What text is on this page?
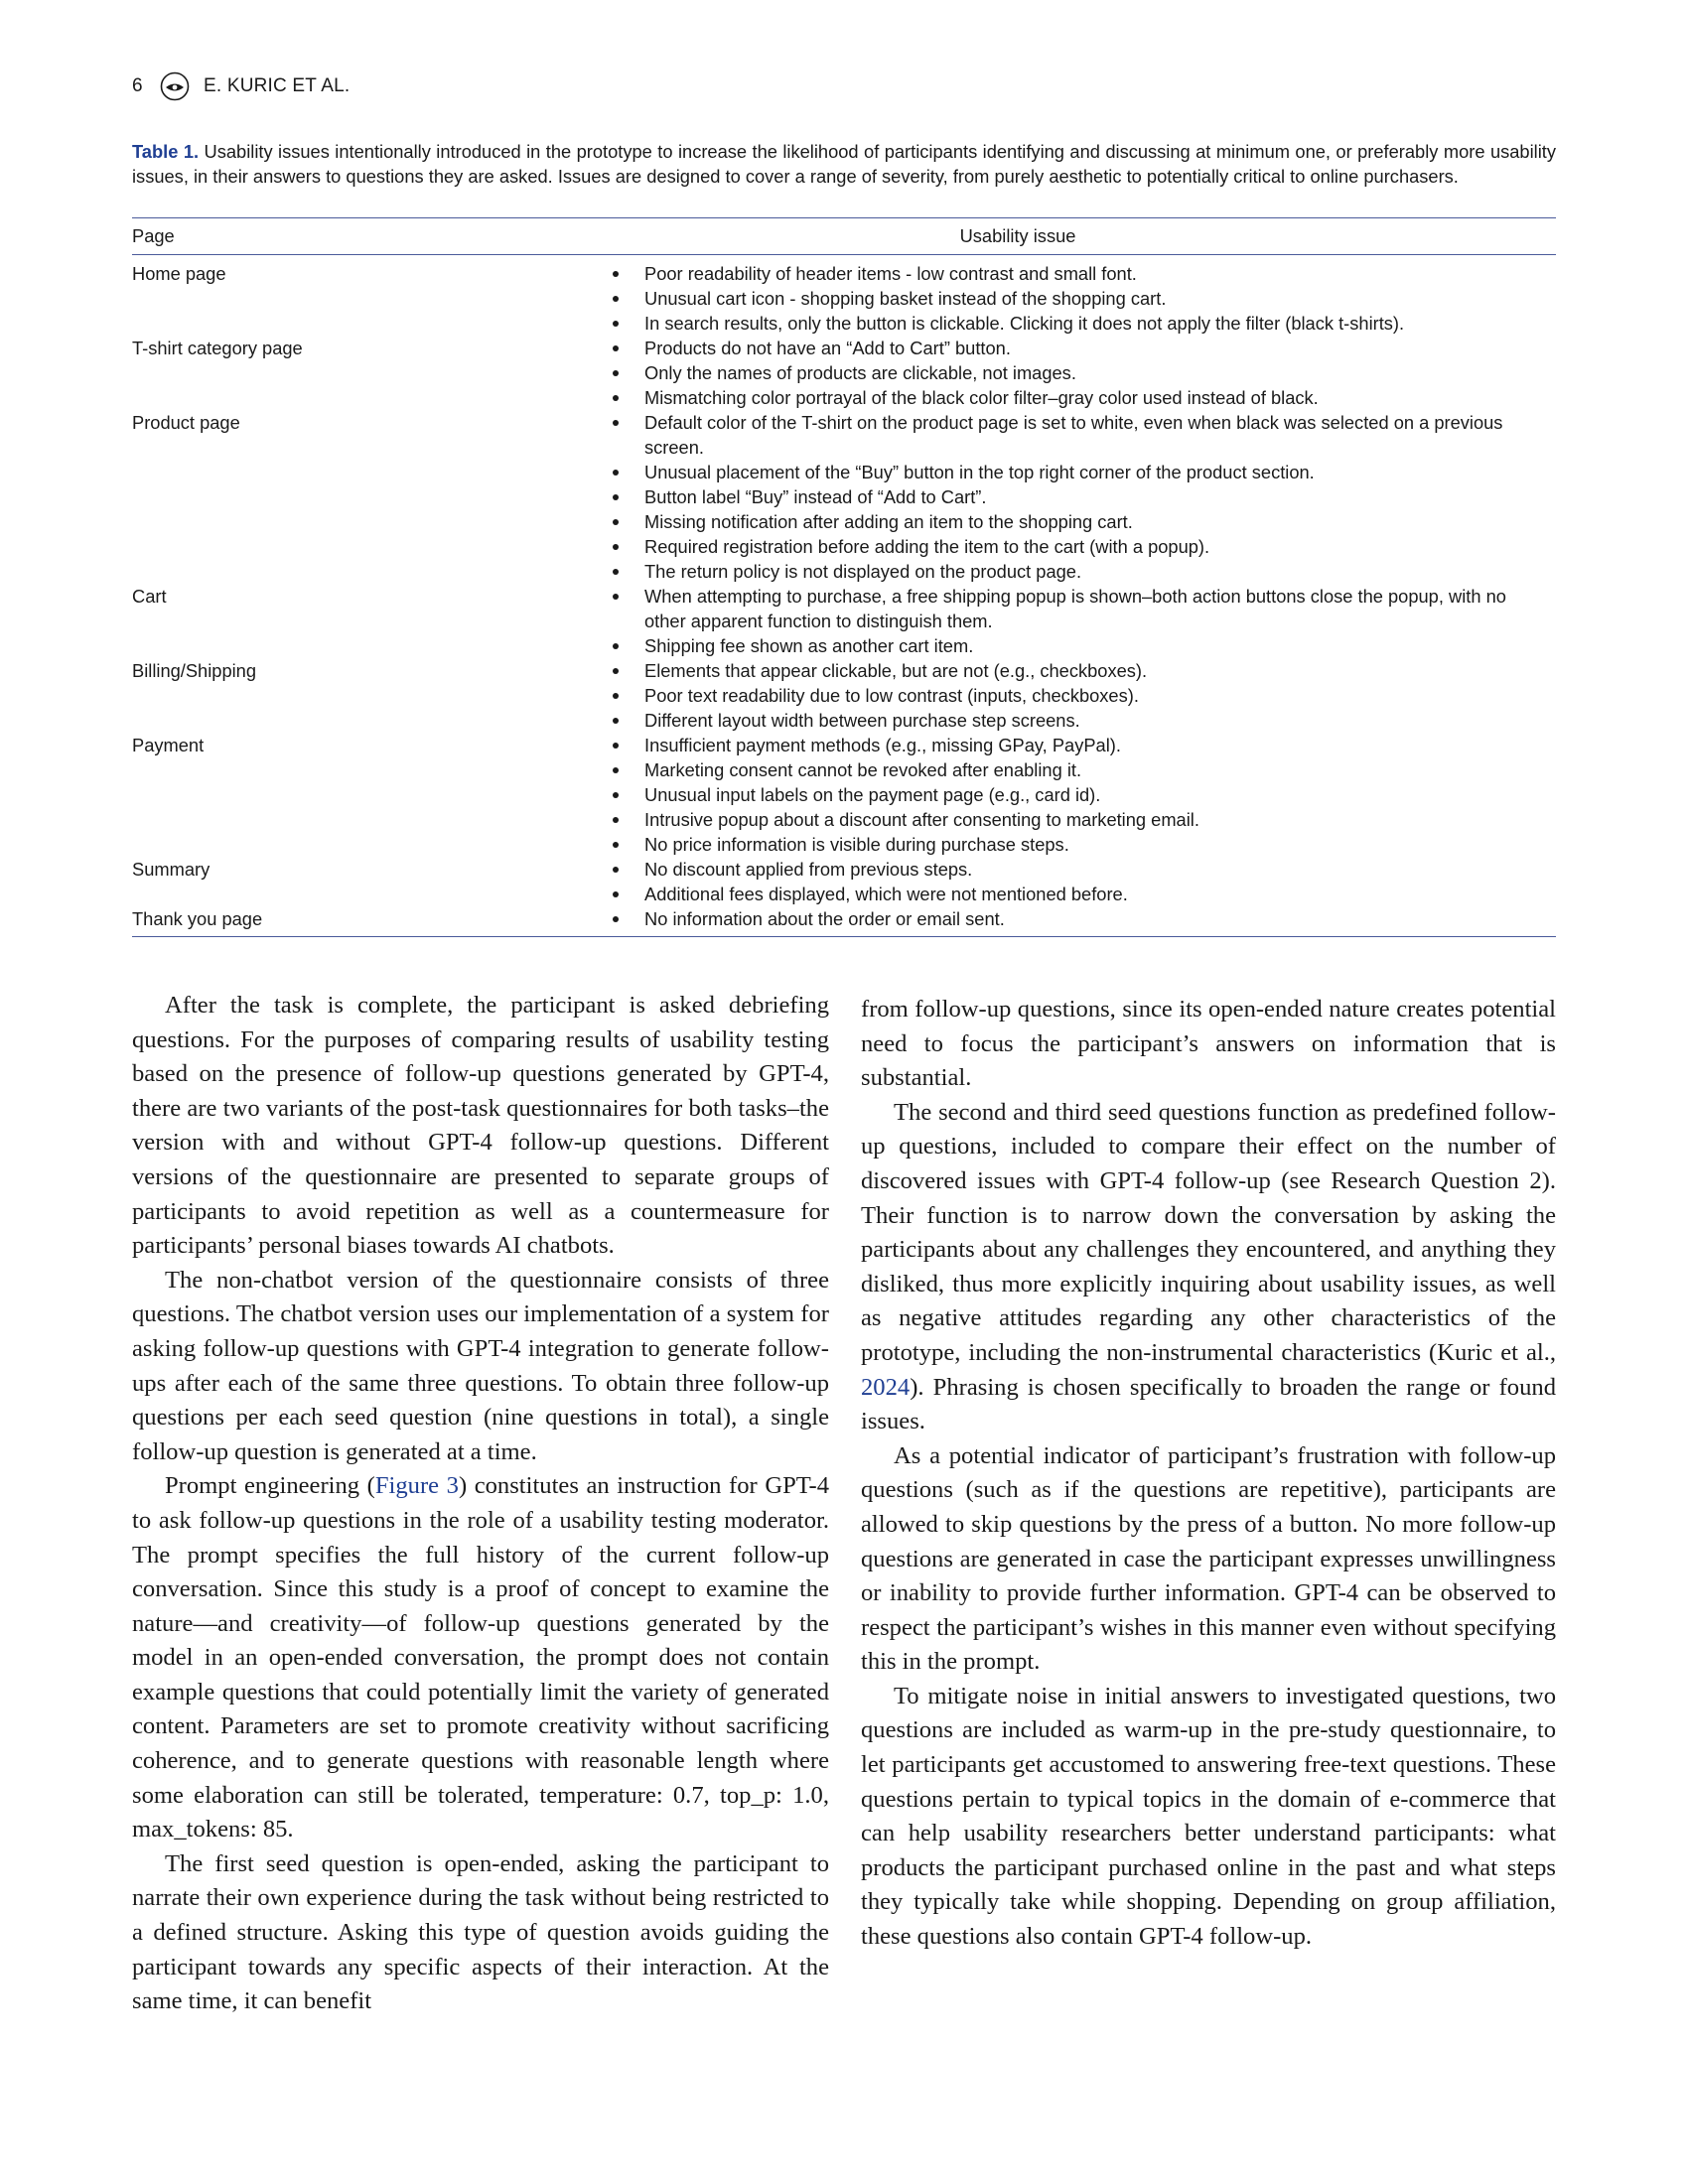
6	E. KURIC ET AL.
Table 1. Usability issues intentionally introduced in the prototype to increase the likelihood of participants identifying and discussing at minimum one, or preferably more usability issues, in their answers to questions they are asked. Issues are designed to cover a range of severity, from purely aesthetic to potentially critical to online purchasers.
Page	Usability issue
Home page	Poor readability of header items - low contrast and small font.
Unusual cart icon - shopping basket instead of the shopping cart.
In search results, only the button is clickable. Clicking it does not apply the filter (black t-shirts).
T-shirt category page	Products do not have an “Add to Cart” button.
Only the names of products are clickable, not images.
Mismatching color portrayal of the black color filter–gray color used instead of black.
Product page	Default color of the T-shirt on the product page is set to white, even when black was selected on a previous screen.
Unusual placement of the “Buy” button in the top right corner of the product section.
Button label “Buy” instead of “Add to Cart”.
Missing notification after adding an item to the shopping cart.
Required registration before adding the item to the cart (with a popup).
The return policy is not displayed on the product page.
Cart	When attempting to purchase, a free shipping popup is shown–both action buttons close the popup, with no other apparent function to distinguish them.
Shipping fee shown as another cart item.
Billing/Shipping	Elements that appear clickable, but are not (e.g., checkboxes).
Poor text readability due to low contrast (inputs, checkboxes).
Different layout width between purchase step screens.
Payment	Insufficient payment methods (e.g., missing GPay, PayPal).
Marketing consent cannot be revoked after enabling it.
Unusual input labels on the payment page (e.g., card id).
Intrusive popup about a discount after consenting to marketing email.
No price information is visible during purchase steps.
Summary	No discount applied from previous steps.
Additional fees displayed, which were not mentioned before.
Thank you page	No information about the order or email sent.

After the task is complete, the participant is asked debriefing questions. For the purposes of comparing results of usability testing based on the presence of follow-up questions generated by GPT-4, there are two variants of the post-task questionnaires for both tasks–the version with and without GPT-4 follow-up questions. Different versions of the questionnaire are presented to separate groups of participants to avoid repetition as well as a countermeasure for participants’ personal biases towards AI chatbots.

The non-chatbot version of the questionnaire consists of three questions. The chatbot version uses our implementation of a system for asking follow-up questions with GPT-4 integration to generate follow-ups after each of the same three questions. To obtain three follow-up questions per each seed question (nine questions in total), a single follow-up question is generated at a time.

Prompt engineering (Figure 3) constitutes an instruction for GPT-4 to ask follow-up questions in the role of a usability testing moderator. The prompt specifies the full history of the current follow-up conversation. Since this study is a proof of concept to examine the nature—and creativity—of follow-up questions generated by the model in an open-ended conversation, the prompt does not contain example questions that could potentially limit the variety of generated content. Parameters are set to promote creativity without sacrificing coherence, and to generate questions with reasonable length where some elaboration can still be tolerated, temperature: 0.7, top_p: 1.0, max_tokens: 85.

The first seed question is open-ended, asking the participant to narrate their own experience during the task without being restricted to a defined structure. Asking this type of question avoids guiding the participant towards any specific aspects of their interaction. At the same time, it can benefit

from follow-up questions, since its open-ended nature creates potential need to focus the participant’s answers on information that is substantial.

The second and third seed questions function as predefined follow-up questions, included to compare their effect on the number of discovered issues with GPT-4 follow-up (see Research Question 2). Their function is to narrow down the conversation by asking the participants about any challenges they encountered, and anything they disliked, thus more explicitly inquiring about usability issues, as well as negative attitudes regarding any other characteristics of the prototype, including the non-instrumental characteristics (Kuric et al., 2024). Phrasing is chosen specifically to broaden the range or found issues.

As a potential indicator of participant’s frustration with follow-up questions (such as if the questions are repetitive), participants are allowed to skip questions by the press of a button. No more follow-up questions are generated in case the participant expresses unwillingness or inability to provide further information. GPT-4 can be observed to respect the participant’s wishes in this manner even without specifying this in the prompt.

To mitigate noise in initial answers to investigated questions, two questions are included as warm-up in the pre-study questionnaire, to let participants get accustomed to answering free-text questions. These questions pertain to typical topics in the domain of e-commerce that can help usability researchers better understand participants: what products the participant purchased online in the past and what steps they typically take while shopping. Depending on group affiliation, these questions also contain GPT-4 follow-up.
